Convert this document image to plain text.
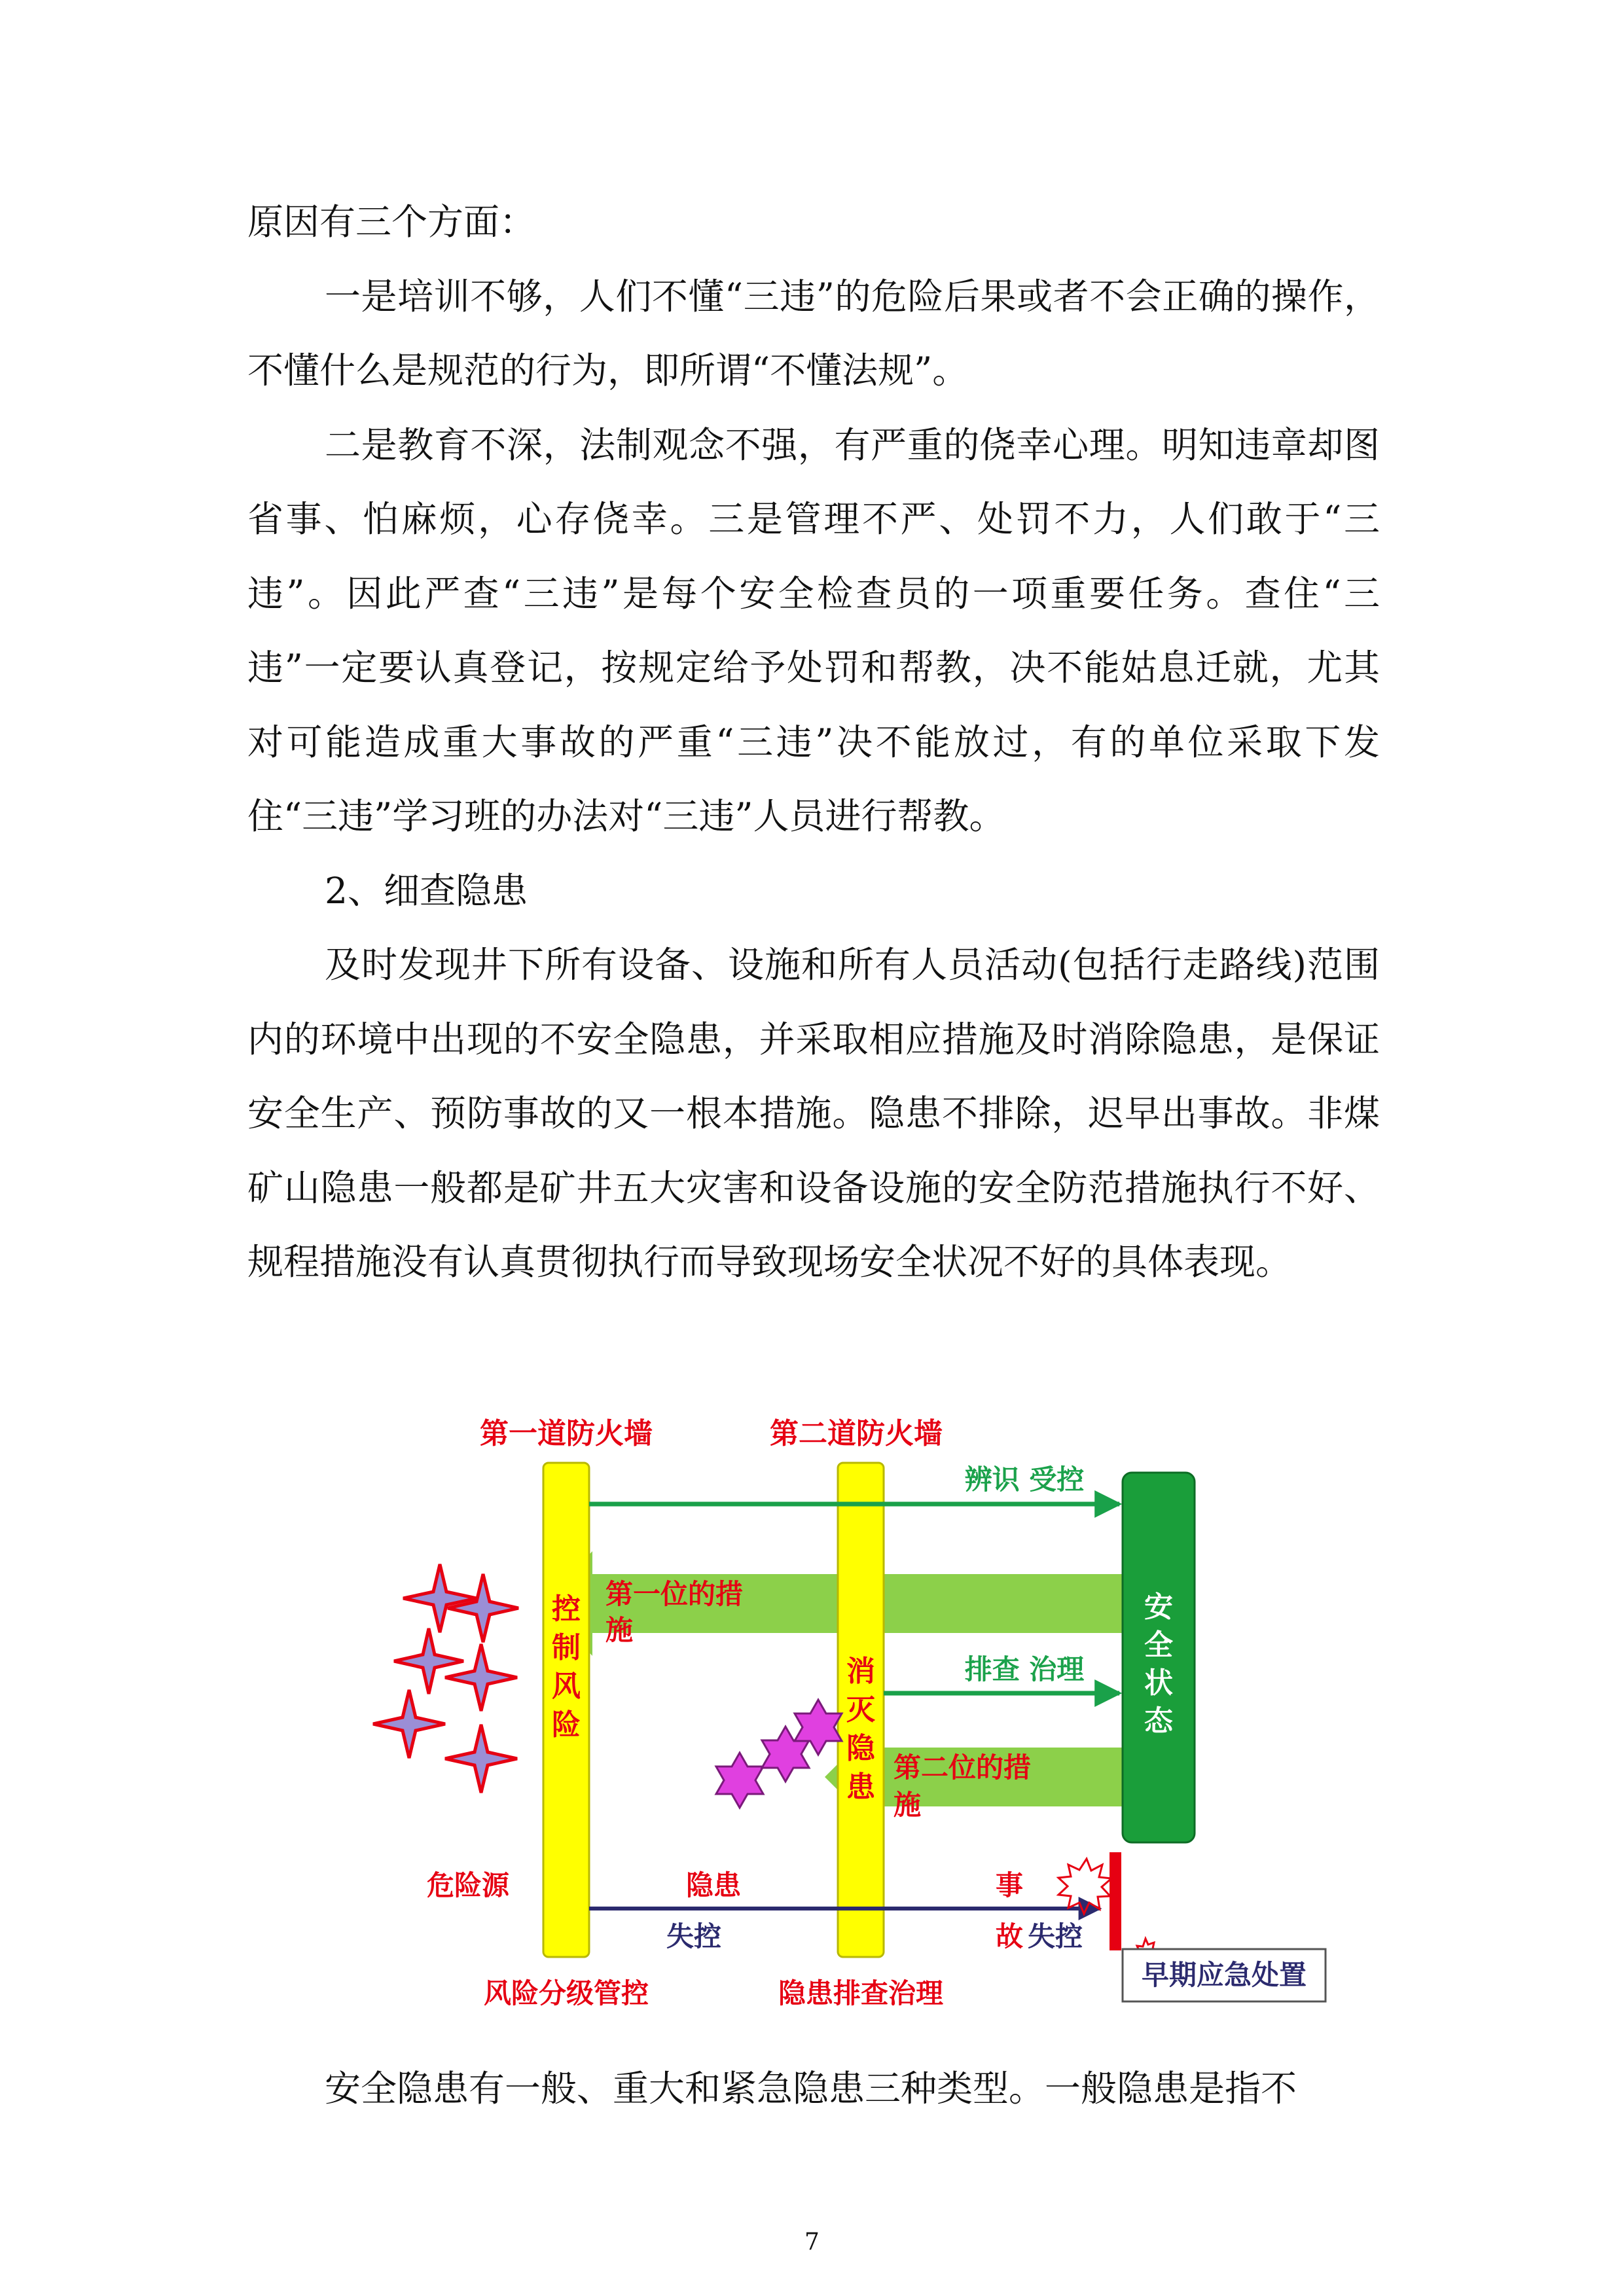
原因有三个方面：

一是培训不够，人们不懂“三违”的危险后果或者不会正确的操作，不懂什么是规范的行为，即所谓“不懂法规”。

二是教育不深，法制观念不强，有严重的侥幸心理。明知违章却图省事、怕麻烦，心存侥幸。三是管理不严、处罚不力，人们敢于“三违”。因此严查“三违”是每个安全检查员的一项重要任务。查住“三违”一定要认真登记，按规定给予处罚和帮教，决不能姑息迁就，尤其对可能造成重大事故的严重“三违”决不能放过，有的单位采取下发住“三违”学习班的办法对“三违”人员进行帮教。

2、细查隐患

及时发现井下所有设备、设施和所有人员活动(包括行走路线)范围内的环境中出现的不安全隐患，并采取相应措施及时消除隐患，是保证安全生产、预防事故的又一根本措施。隐患不排除，迟早出事故。非煤矿山隐患一般都是矿井五大灾害和设备设施的安全防范措施执行不好、规程措施没有认真贯彻执行而导致现场安全状况不好的具体表现。

第一道防火墙	第二道防火墙
辨识 受控
排查 治理
第一位的措
施
第二位的措
施
控
制
风
险
消
灭
隐
患
安
全
状
态
危险源	隐患
失控
事
故 失控
早期应急处置
风险分级管控	隐患排查治理

安全隐患有一般、重大和紧急隐患三种类型。一般隐患是指不

7
